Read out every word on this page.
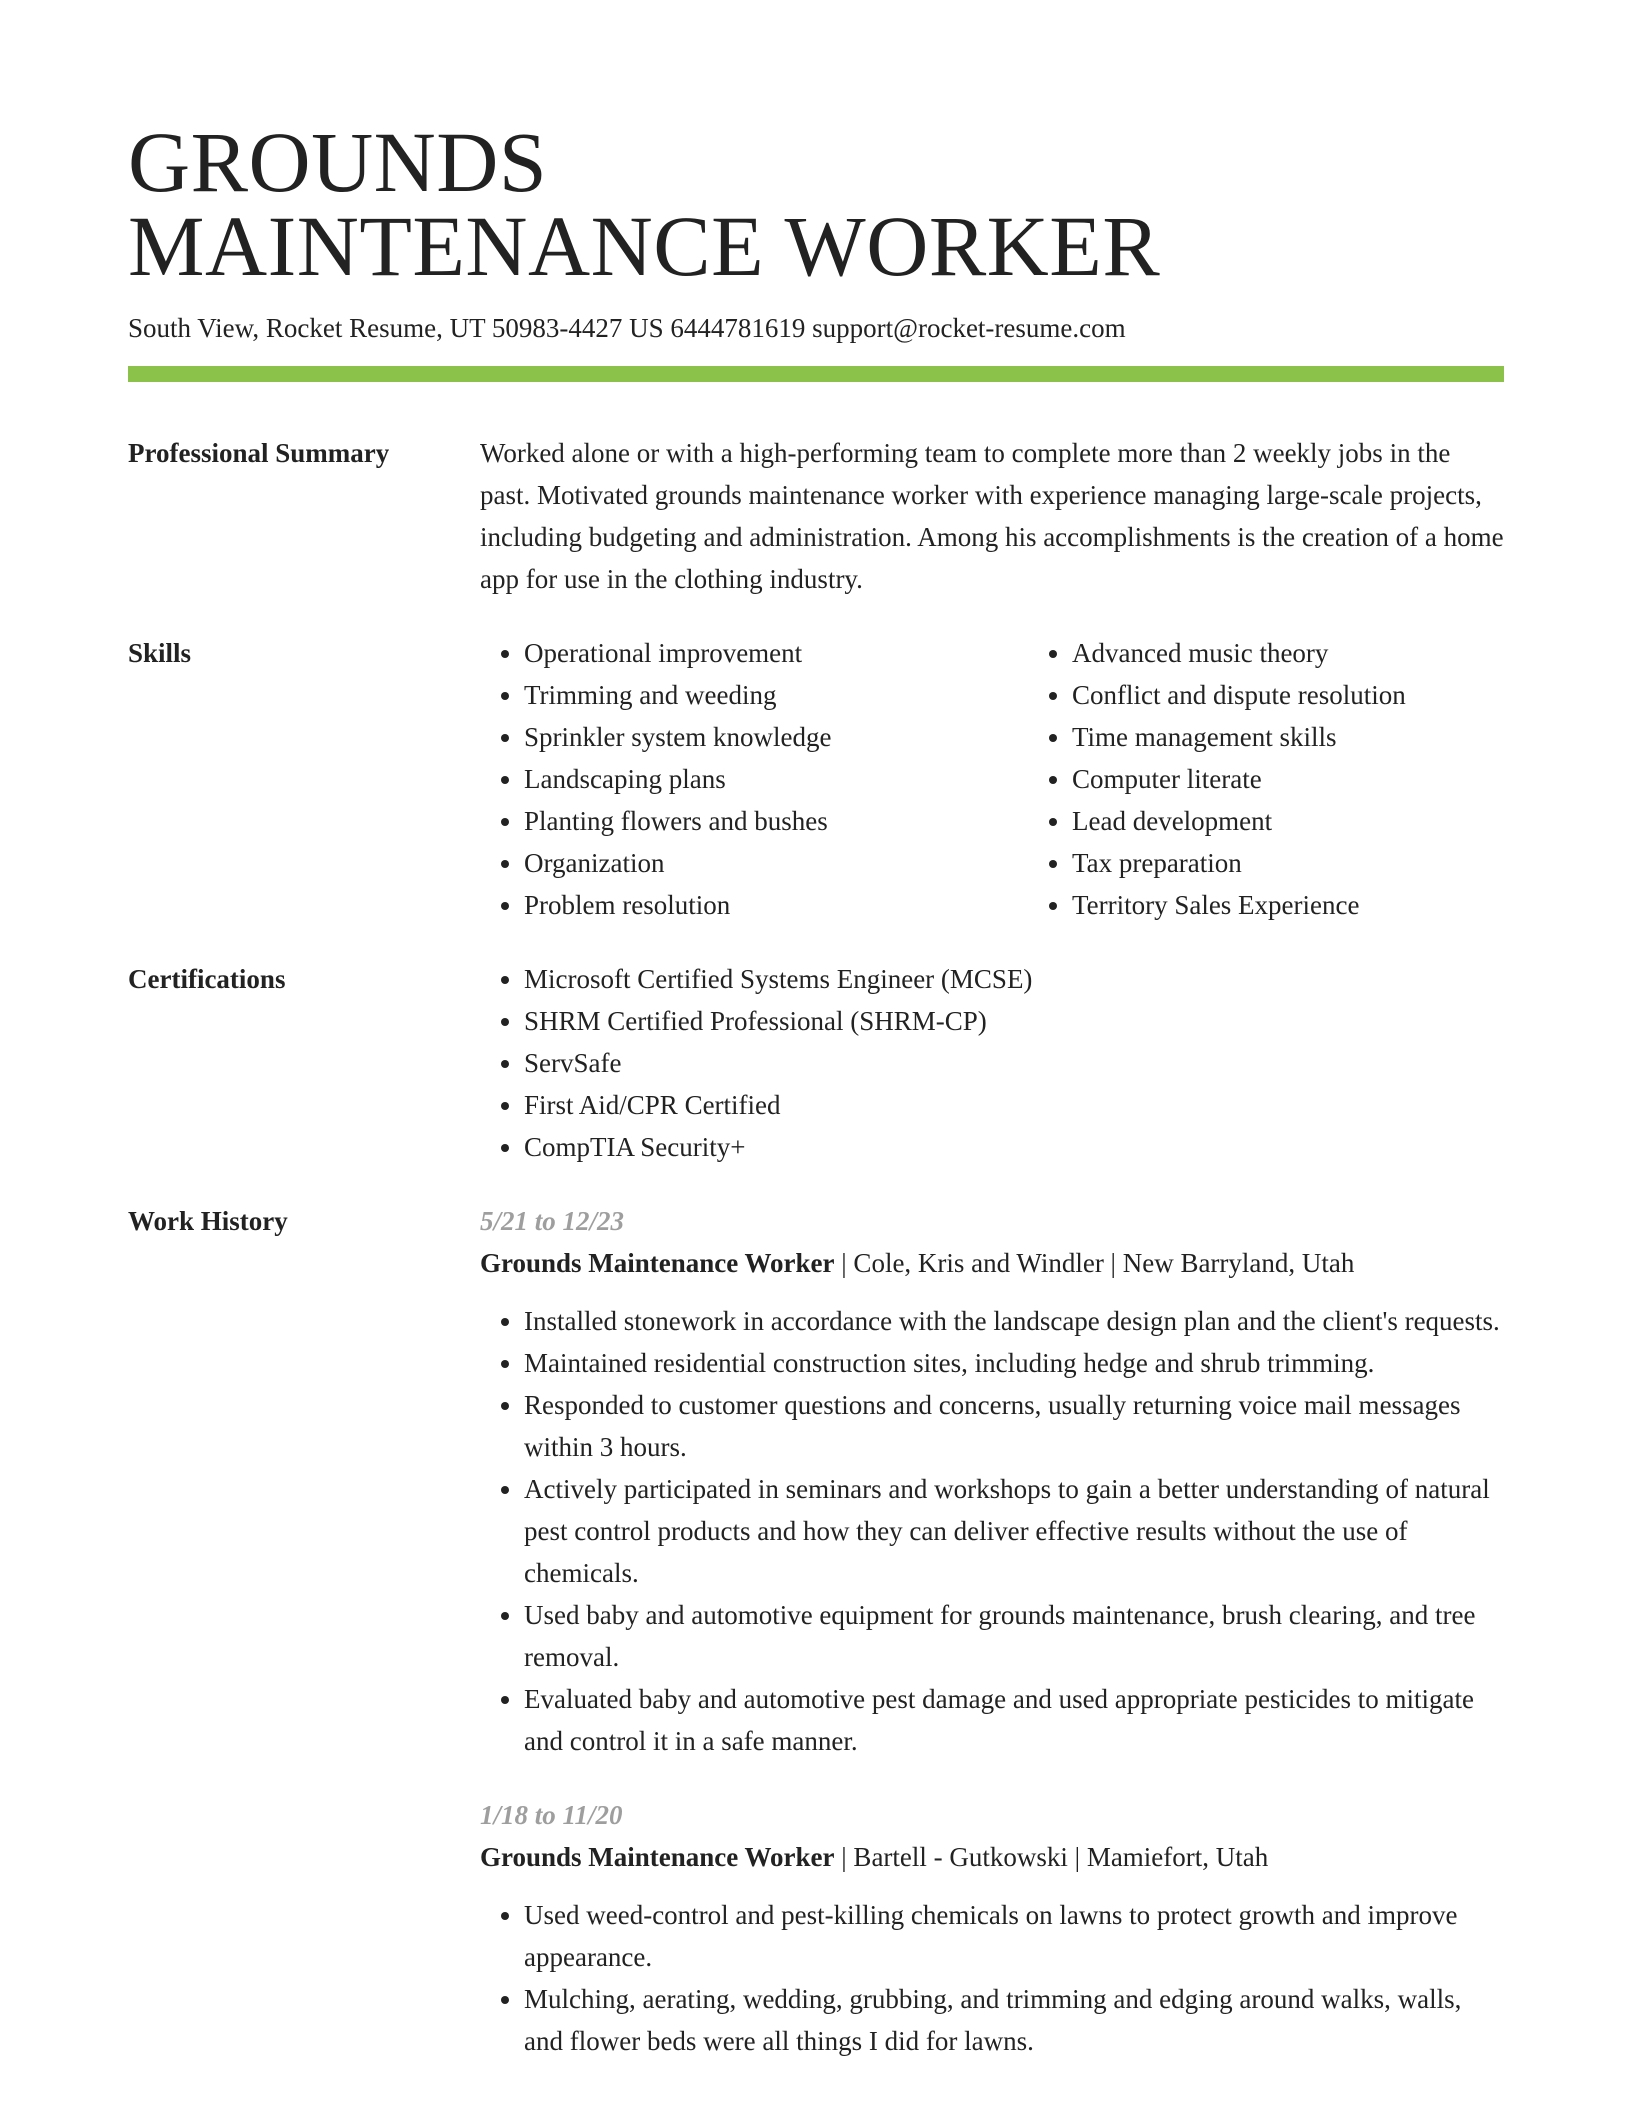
GROUNDS
MAINTENANCE WORKER
South View, Rocket Resume, UT 50983-4427 US 6444781619 support@rocket-resume.com
Professional Summary	Worked alone or with a high-performing team to complete more than 2 weekly jobs in the past. Motivated grounds maintenance worker with experience managing large-scale projects, including budgeting and administration. Among his accomplishments is the creation of a home app for use in the clothing industry.
Skills	• Operational improvement
• Trimming and weeding
• Sprinkler system knowledge
• Landscaping plans
• Planting flowers and bushes
• Organization
• Problem resolution
• Advanced music theory
• Conflict and dispute resolution
• Time management skills
• Computer literate
• Lead development
• Tax preparation
• Territory Sales Experience
Certifications	• Microsoft Certified Systems Engineer (MCSE)
• SHRM Certified Professional (SHRM-CP)
• ServSafe
• First Aid/CPR Certified
• CompTIA Security+
Work History	5/21 to 12/23
Grounds Maintenance Worker | Cole, Kris and Windler | New Barryland, Utah
• Installed stonework in accordance with the landscape design plan and the client's requests.
• Maintained residential construction sites, including hedge and shrub trimming.
• Responded to customer questions and concerns, usually returning voice mail messages within 3 hours.
• Actively participated in seminars and workshops to gain a better understanding of natural pest control products and how they can deliver effective results without the use of chemicals.
• Used baby and automotive equipment for grounds maintenance, brush clearing, and tree removal.
• Evaluated baby and automotive pest damage and used appropriate pesticides to mitigate and control it in a safe manner.
1/18 to 11/20
Grounds Maintenance Worker | Bartell - Gutkowski | Mamiefort, Utah
• Used weed-control and pest-killing chemicals on lawns to protect growth and improve appearance.
• Mulching, aerating, wedding, grubbing, and trimming and edging around walks, walls, and flower beds were all things I did for lawns.
